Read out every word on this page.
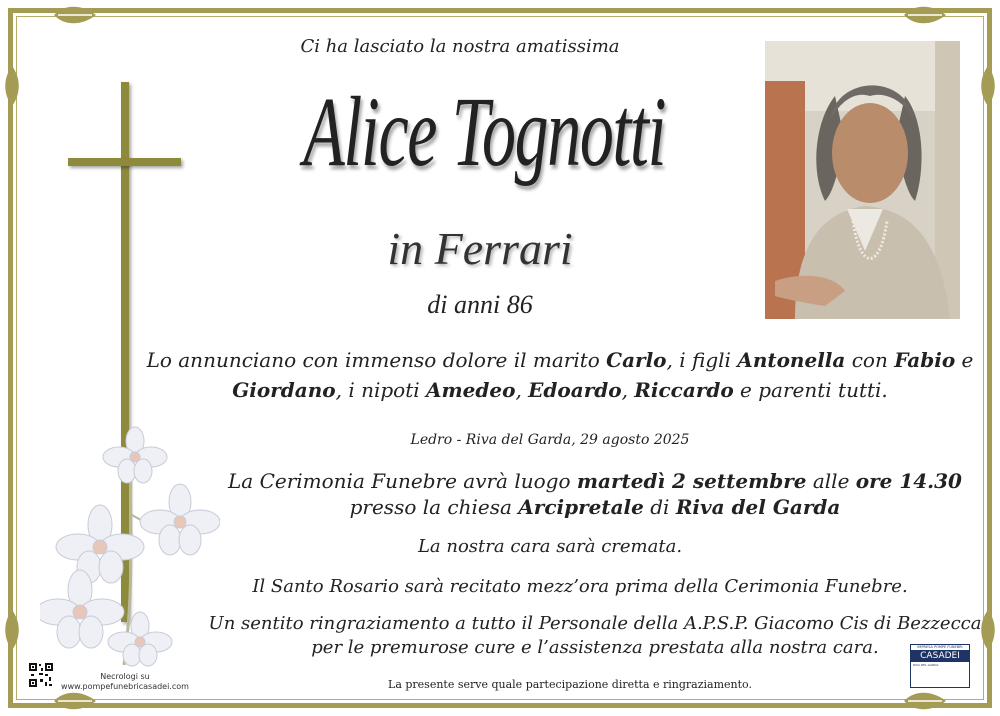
Ci ha lasciato la nostra amatissima
Alice Tognotti
in Ferrari
di anni 86
Lo annunciano con immenso dolore il marito Carlo, i figli Antonella con Fabio e
Giordano, i nipoti Amedeo, Edoardo, Riccardo e parenti tutti.
Ledro - Riva del Garda, 29 agosto 2025
La Cerimonia Funebre avrà luogo martedì 2 settembre alle ore 14.30
presso la chiesa Arcipretale di Riva del Garda
La nostra cara sarà cremata.
Il Santo Rosario sarà recitato mezz’ora prima della Cerimonia Funebre.
Un sentito ringraziamento a tutto il Personale della A.P.S.P. Giacomo Cis di Bezzecca
per le premurose cure e l’assistenza prestata alla nostra cara.
La presente serve quale partecipazione diretta e ringraziamento.
Necrologi su
www.pompefunebricasadei.com
IMPRESA POMPE FUNEBRI
CASADEI
RIVA DEL GARDA
